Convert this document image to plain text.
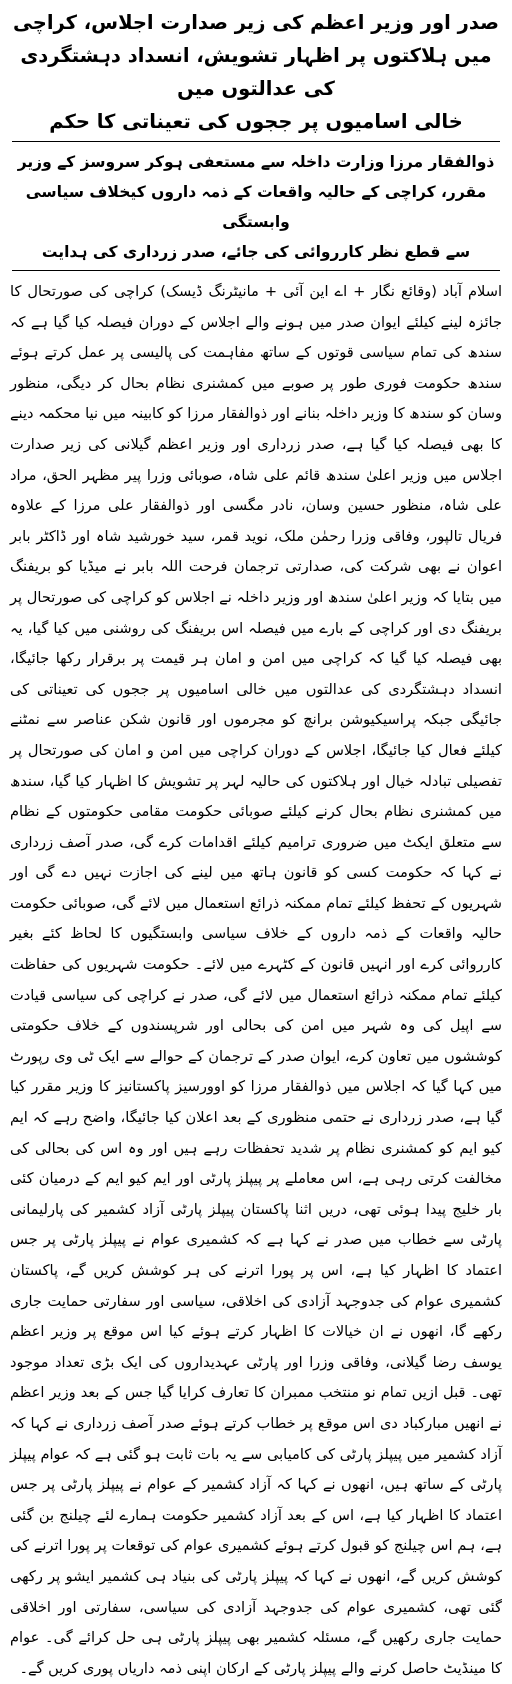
صدر اور وزیر اعظم کی زیر صدارت اجلاس، کراچی میں ہلاکتوں پر اظہار تشویش، انسداد دہشتگردی کی عدالتوں میں
خالی اسامیوں پر ججوں کی تعیناتی کا حکم
ذوالفقار مرزا وزارت داخلہ سے مستعفی ہوکر سروسز کے وزیر مقرر، کراچی کے حالیہ واقعات کے ذمہ داروں کیخلاف سیاسی وابستگی
سے قطع نظر کارروائی کی جائے، صدر زرداری کی ہدایت

اسلام آباد (وقائع نگار + اے این آئی + مانیٹرنگ ڈیسک) کراچی کی صورتحال کا جائزہ لینے کیلئے ایوان صدر میں ہونے والے اجلاس کے دوران فیصلہ کیا گیا ہے کہ سندھ کی تمام سیاسی قوتوں کے ساتھ مفاہمت کی پالیسی پر عمل کرتے ہوئے سندھ حکومت فوری طور پر صوبے میں کمشنری نظام بحال کر دیگی، منظور وسان کو سندھ کا وزیر داخلہ بنانے اور ذوالفقار مرزا کو کابینہ میں نیا محکمہ دینے کا بھی فیصلہ کیا گیا ہے، صدر زرداری اور وزیر اعظم گیلانی کی زیر صدارت اجلاس میں وزیر اعلیٰ سندھ قائم علی شاہ، صوبائی وزرا پیر مظہر الحق، مراد علی شاہ، منظور حسین وسان، نادر مگسی اور ذوالفقار علی مرزا کے علاوہ فریال تالپور، وفاقی وزرا رحمٰن ملک، نوید قمر، سید خورشید شاہ اور ڈاکٹر بابر اعوان نے بھی شرکت کی، صدارتی ترجمان فرحت اللہ بابر نے میڈیا کو بریفنگ میں بتایا کہ وزیر اعلیٰ سندھ اور وزیر داخلہ نے اجلاس کو کراچی کی صورتحال پر بریفنگ دی اور کراچی کے بارے میں فیصلہ اس بریفنگ کی روشنی میں کیا گیا، یہ بھی فیصلہ کیا گیا کہ کراچی میں امن و امان ہر قیمت پر برقرار رکھا جائیگا، انسداد دہشتگردی کی عدالتوں میں خالی اسامیوں پر ججوں کی تعیناتی کی جائیگی جبکہ پراسیکیوشن برانچ کو مجرموں اور قانون شکن عناصر سے نمٹنے کیلئے فعال کیا جائیگا، اجلاس کے دوران کراچی میں امن و امان کی صورتحال پر تفصیلی تبادلہ خیال اور ہلاکتوں کی حالیہ لہر پر تشویش کا اظہار کیا گیا، سندھ میں کمشنری نظام بحال کرنے کیلئے صوبائی حکومت مقامی حکومتوں کے نظام سے متعلق ایکٹ میں ضروری ترامیم کیلئے اقدامات کرے گی، صدر آصف زرداری نے کہا کہ حکومت کسی کو قانون ہاتھ میں لینے کی اجازت نہیں دے گی اور شہریوں کے تحفظ کیلئے تمام ممکنہ ذرائع استعمال میں لائے گی، صوبائی حکومت حالیہ واقعات کے ذمہ داروں کے خلاف سیاسی وابستگیوں کا لحاظ کئے بغیر کارروائی کرے اور انہیں قانون کے کٹہرے میں لائے۔ حکومت شہریوں کی حفاظت کیلئے تمام ممکنہ ذرائع استعمال میں لائے گی، صدر نے کراچی کی سیاسی قیادت سے اپیل کی وہ شہر میں امن کی بحالی اور شرپسندوں کے خلاف حکومتی کوششوں میں تعاون کرے، ایوان صدر کے ترجمان کے حوالے سے ایک ٹی وی رپورٹ میں کہا گیا کہ اجلاس میں ذوالفقار مرزا کو اوورسیز پاکستانیز کا وزیر مقرر کیا گیا ہے، صدر زرداری نے حتمی منظوری کے بعد اعلان کیا جائیگا، واضح رہے کہ ایم کیو ایم کو کمشنری نظام پر شدید تحفظات رہے ہیں اور وہ اس کی بحالی کی مخالفت کرتی رہی ہے، اس معاملے پر پیپلز پارٹی اور ایم کیو ایم کے درمیان کئی بار خلیج پیدا ہوئی تھی، دریں اثنا پاکستان پیپلز پارٹی آزاد کشمیر کی پارلیمانی پارٹی سے خطاب میں صدر نے کہا ہے کہ کشمیری عوام نے پیپلز پارٹی پر جس اعتماد کا اظہار کیا ہے، اس پر پورا اترنے کی ہر کوشش کریں گے، پاکستان کشمیری عوام کی جدوجہد آزادی کی اخلاقی، سیاسی اور سفارتی حمایت جاری رکھے گا، انھوں نے ان خیالات کا اظہار کرتے ہوئے کیا اس موقع پر وزیر اعظم یوسف رضا گیلانی، وفاقی وزرا اور پارٹی عہدیداروں کی ایک بڑی تعداد موجود تھی۔ قبل ازیں تمام نو منتخب ممبران کا تعارف کرایا گیا جس کے بعد وزیر اعظم نے انھیں مبارکباد دی اس موقع پر خطاب کرتے ہوئے صدر آصف زرداری نے کہا کہ آزاد کشمیر میں پیپلز پارٹی کی کامیابی سے یہ بات ثابت ہو گئی ہے کہ عوام پیپلز پارٹی کے ساتھ ہیں، انھوں نے کہا کہ آزاد کشمیر کے عوام نے پیپلز پارٹی پر جس اعتماد کا اظہار کیا ہے، اس کے بعد آزاد کشمیر حکومت ہمارے لئے چیلنج بن گئی ہے، ہم اس چیلنج کو قبول کرتے ہوئے کشمیری عوام کی توقعات پر پورا اترنے کی کوشش کریں گے، انھوں نے کہا کہ پیپلز پارٹی کی بنیاد ہی کشمیر ایشو پر رکھی گئی تھی، کشمیری عوام کی جدوجہد آزادی کی سیاسی، سفارتی اور اخلاقی حمایت جاری رکھیں گے، مسئلہ کشمیر بھی پیپلز پارٹی ہی حل کرائے گی۔ عوام کا مینڈیٹ حاصل کرنے والے پیپلز پارٹی کے ارکان اپنی ذمہ داریاں پوری کریں گے۔
